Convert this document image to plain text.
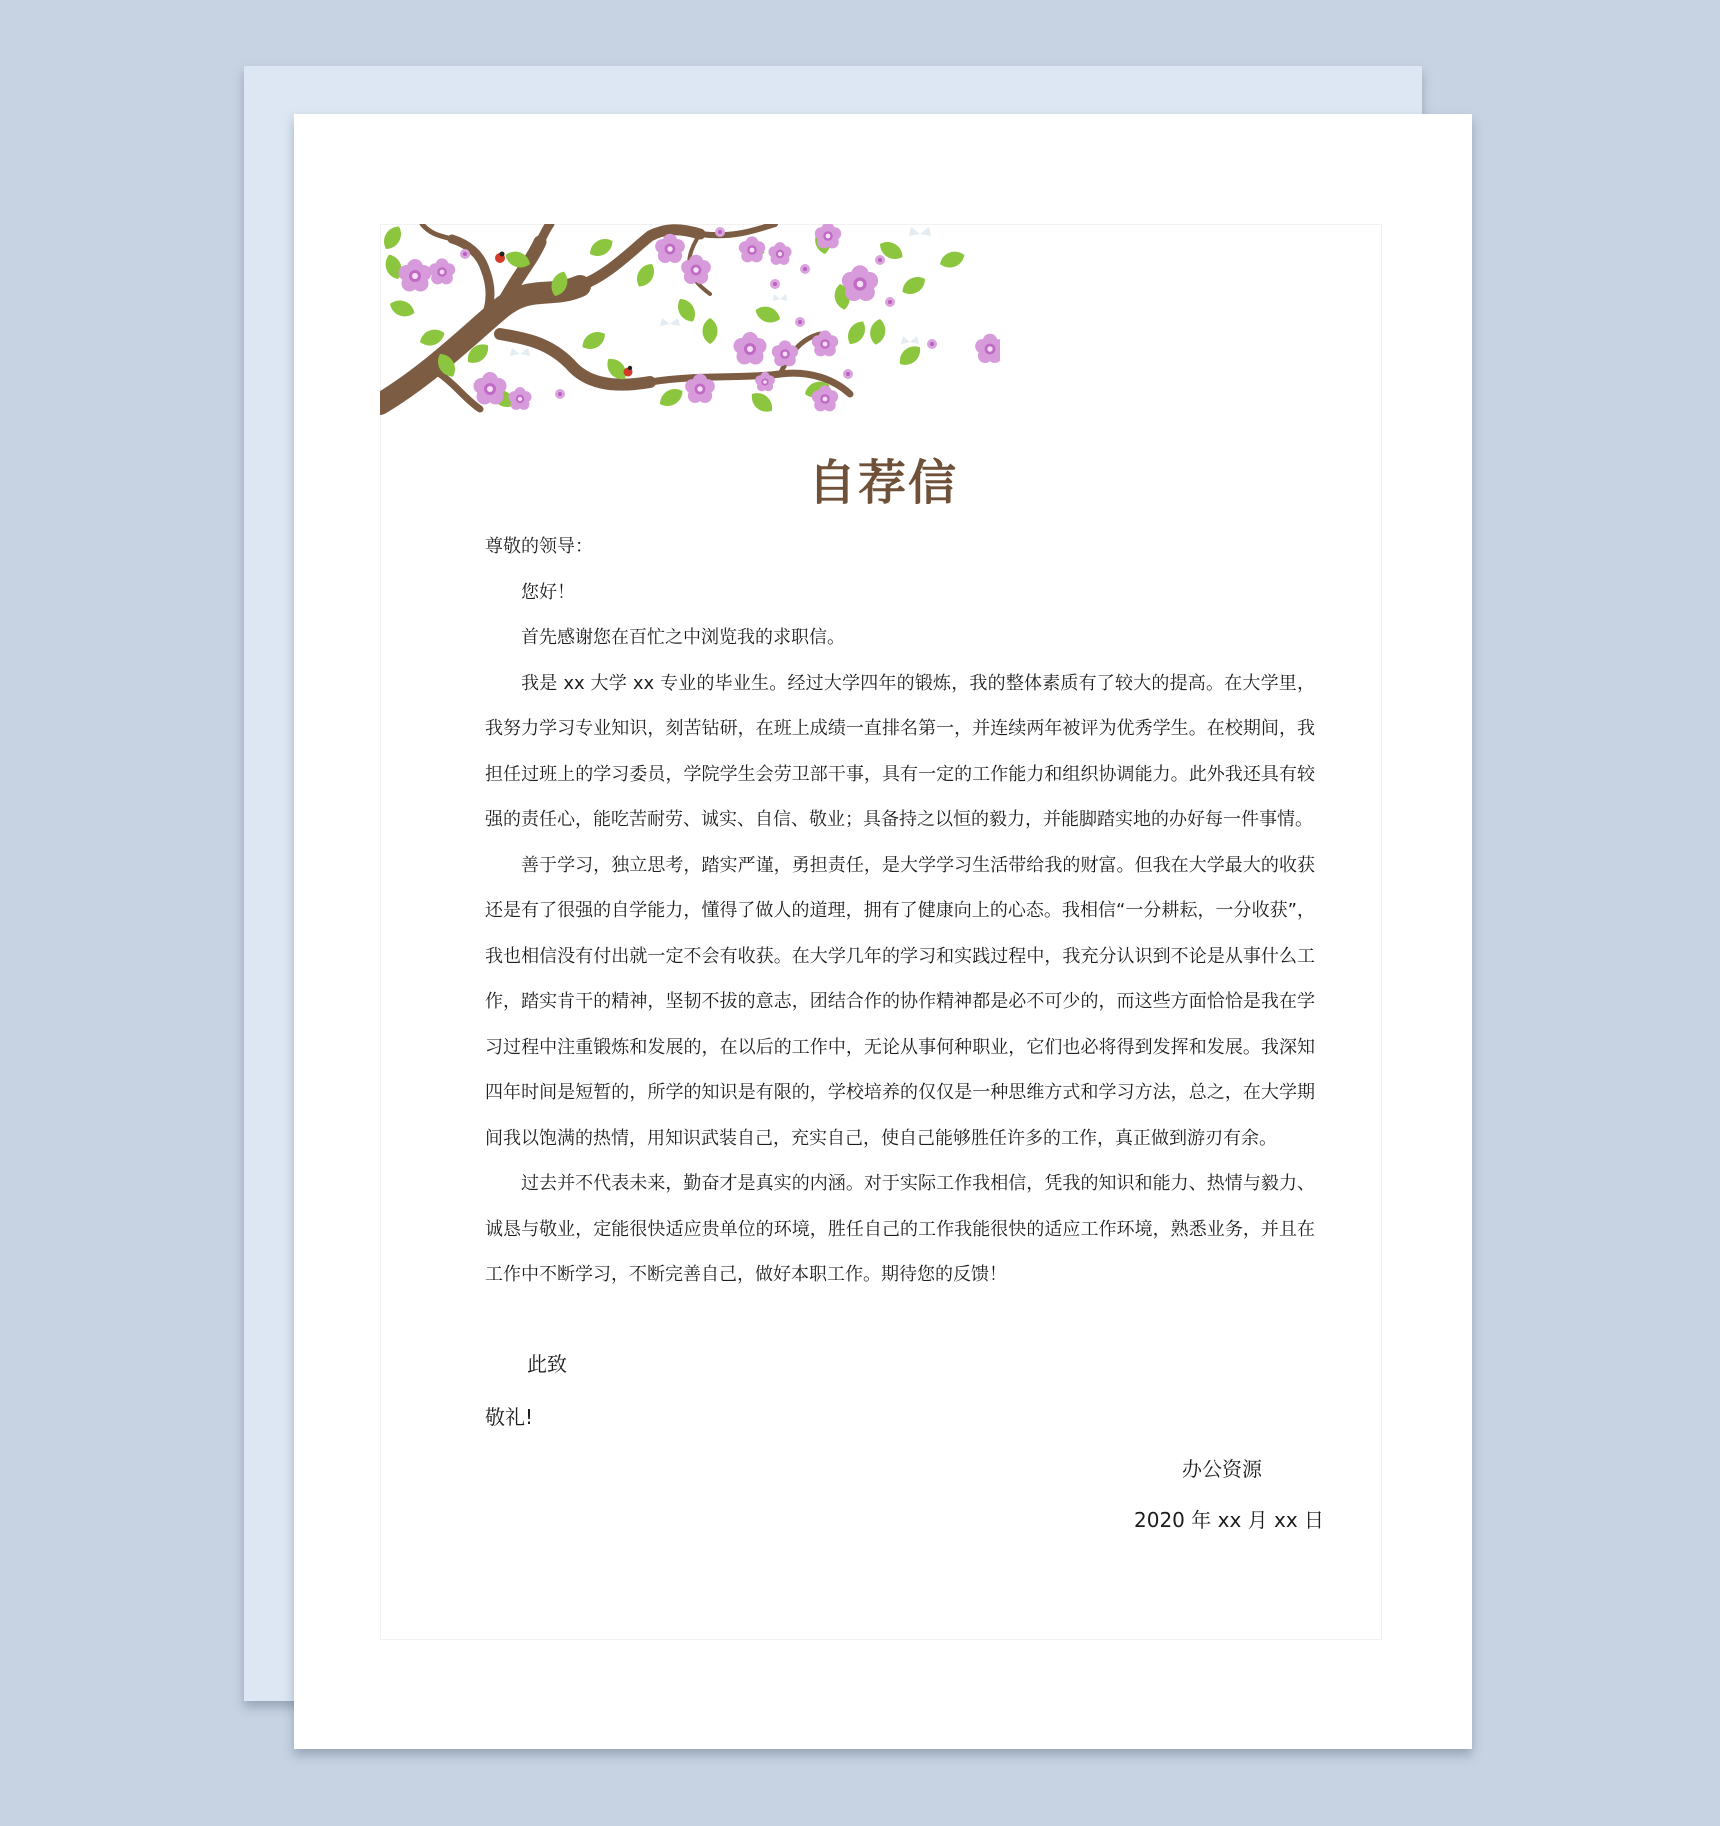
自荐信

尊敬的领导：

您好！

首先感谢您在百忙之中浏览我的求职信。

我是 xx 大学 xx 专业的毕业生。经过大学四年的锻炼，我的整体素质有了较大的提高。在大学里，我努力学习专业知识，刻苦钻研，在班上成绩一直排名第一，并连续两年被评为优秀学生。在校期间，我担任过班上的学习委员，学院学生会劳卫部干事，具有一定的工作能力和组织协调能力。此外我还具有较强的责任心，能吃苦耐劳、诚实、自信、敬业；具备持之以恒的毅力，并能脚踏实地的办好每一件事情。

善于学习，独立思考，踏实严谨，勇担责任，是大学学习生活带给我的财富。但我在大学最大的收获还是有了很强的自学能力，懂得了做人的道理，拥有了健康向上的心态。我相信“一分耕耘，一分收获”，我也相信没有付出就一定不会有收获。在大学几年的学习和实践过程中，我充分认识到不论是从事什么工作，踏实肯干的精神，坚韧不拔的意志，团结合作的协作精神都是必不可少的，而这些方面恰恰是我在学习过程中注重锻炼和发展的，在以后的工作中，无论从事何种职业，它们也必将得到发挥和发展。我深知四年时间是短暂的，所学的知识是有限的，学校培养的仅仅是一种思维方式和学习方法，总之，在大学期间我以饱满的热情，用知识武装自己，充实自己，使自己能够胜任许多的工作，真正做到游刃有余。

过去并不代表未来，勤奋才是真实的内涵。对于实际工作我相信，凭我的知识和能力、热情与毅力、诚恳与敬业，定能很快适应贵单位的环境，胜任自己的工作我能很快的适应工作环境，熟悉业务，并且在工作中不断学习，不断完善自己，做好本职工作。期待您的反馈！

此致
敬礼!
办公资源
2020 年 xx 月 xx 日
